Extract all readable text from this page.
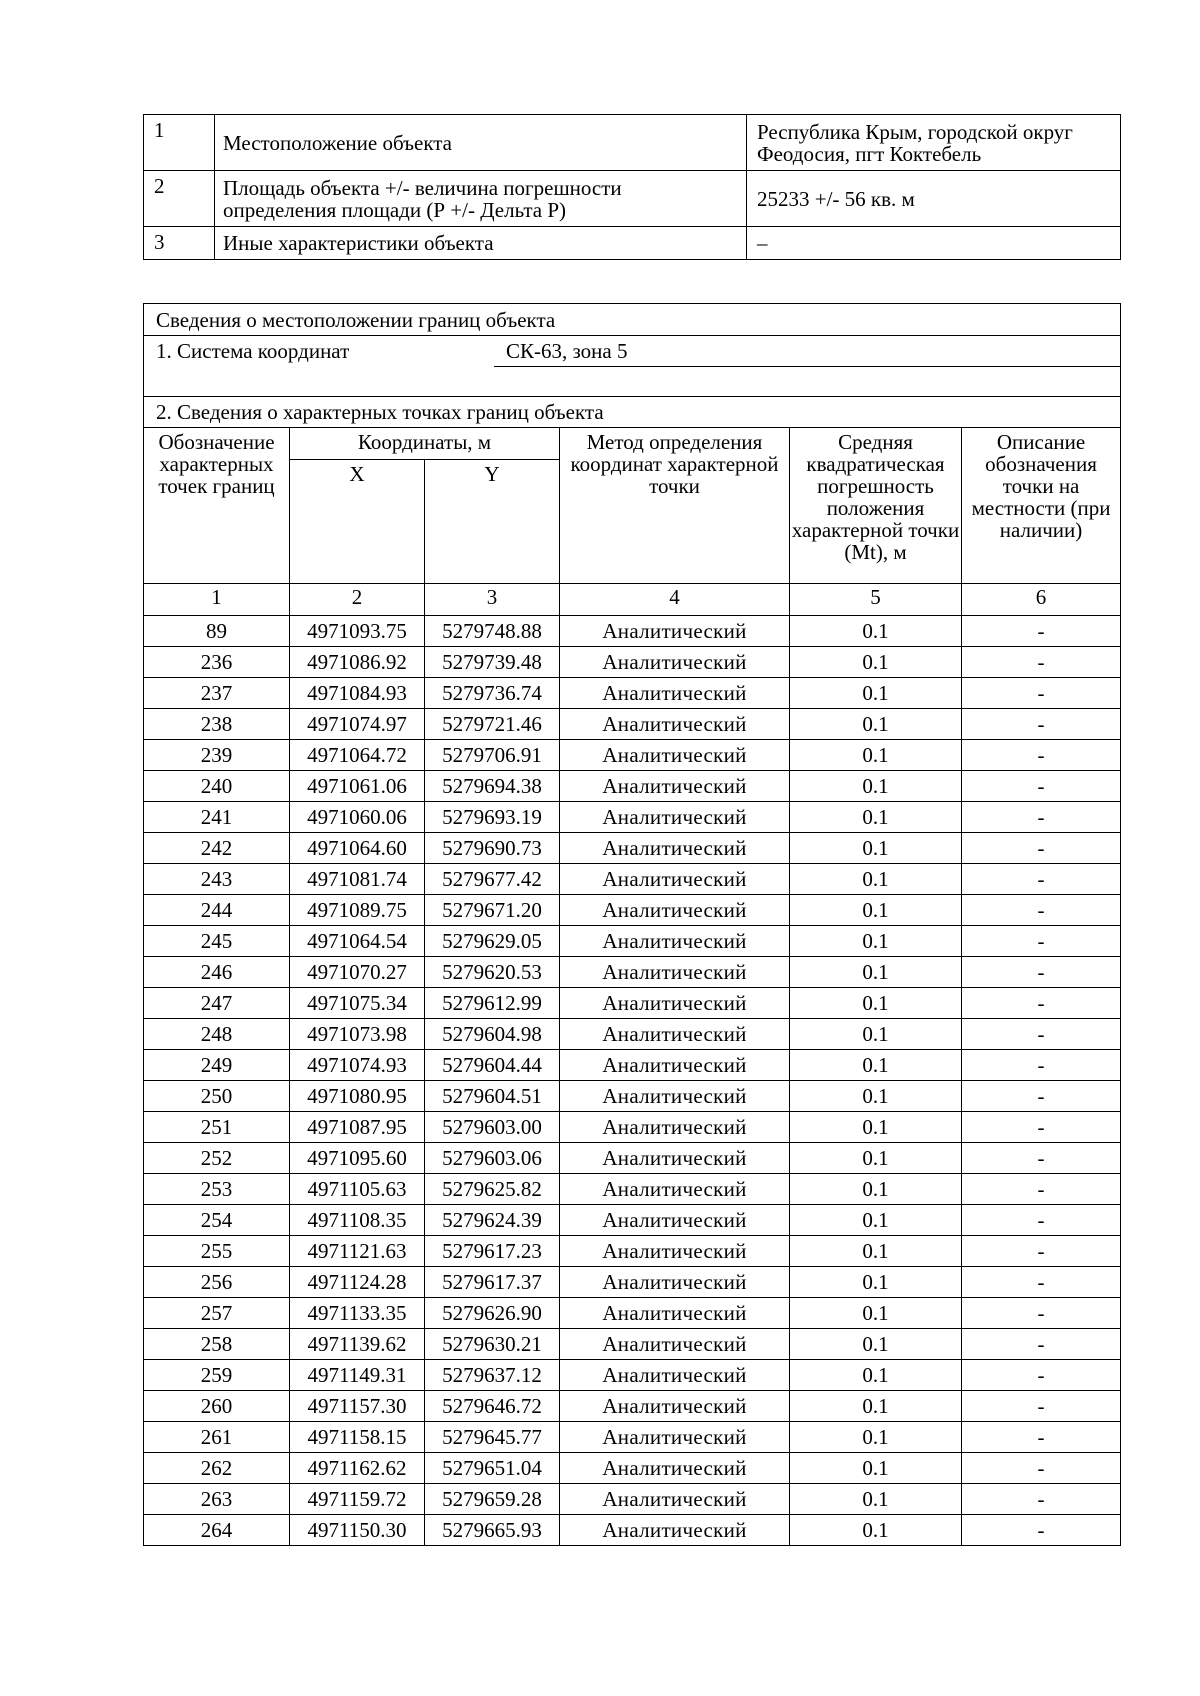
1	Местоположение объекта	Республика Крым, городской округ Феодосия, пгт Коктебель
2	Площадь объекта +/- величина погрешности определения площади (Р +/- Дельта Р)	25233 +/- 56 кв. м
3	Иные характеристики объекта	–
Сведения о местоположении границ объекта					
1. Система координат СК-63, зона 5					

2. Сведения о характерных точках границ объекта					
Обозначение характерных точек границ	Координаты, м		Метод определения координат характерной точки	Средняя квадратическая погрешность положения характерной точки (Mt), м	Описание обозначения точки на местности (при наличии)
	X	Y			
1	2	3	4	5	6
89	4971093.75	5279748.88	Аналитический	0.1	-
236	4971086.92	5279739.48	Аналитический	0.1	-
237	4971084.93	5279736.74	Аналитический	0.1	-
238	4971074.97	5279721.46	Аналитический	0.1	-
239	4971064.72	5279706.91	Аналитический	0.1	-
240	4971061.06	5279694.38	Аналитический	0.1	-
241	4971060.06	5279693.19	Аналитический	0.1	-
242	4971064.60	5279690.73	Аналитический	0.1	-
243	4971081.74	5279677.42	Аналитический	0.1	-
244	4971089.75	5279671.20	Аналитический	0.1	-
245	4971064.54	5279629.05	Аналитический	0.1	-
246	4971070.27	5279620.53	Аналитический	0.1	-
247	4971075.34	5279612.99	Аналитический	0.1	-
248	4971073.98	5279604.98	Аналитический	0.1	-
249	4971074.93	5279604.44	Аналитический	0.1	-
250	4971080.95	5279604.51	Аналитический	0.1	-
251	4971087.95	5279603.00	Аналитический	0.1	-
252	4971095.60	5279603.06	Аналитический	0.1	-
253	4971105.63	5279625.82	Аналитический	0.1	-
254	4971108.35	5279624.39	Аналитический	0.1	-
255	4971121.63	5279617.23	Аналитический	0.1	-
256	4971124.28	5279617.37	Аналитический	0.1	-
257	4971133.35	5279626.90	Аналитический	0.1	-
258	4971139.62	5279630.21	Аналитический	0.1	-
259	4971149.31	5279637.12	Аналитический	0.1	-
260	4971157.30	5279646.72	Аналитический	0.1	-
261	4971158.15	5279645.77	Аналитический	0.1	-
262	4971162.62	5279651.04	Аналитический	0.1	-
263	4971159.72	5279659.28	Аналитический	0.1	-
264	4971150.30	5279665.93	Аналитический	0.1	-
